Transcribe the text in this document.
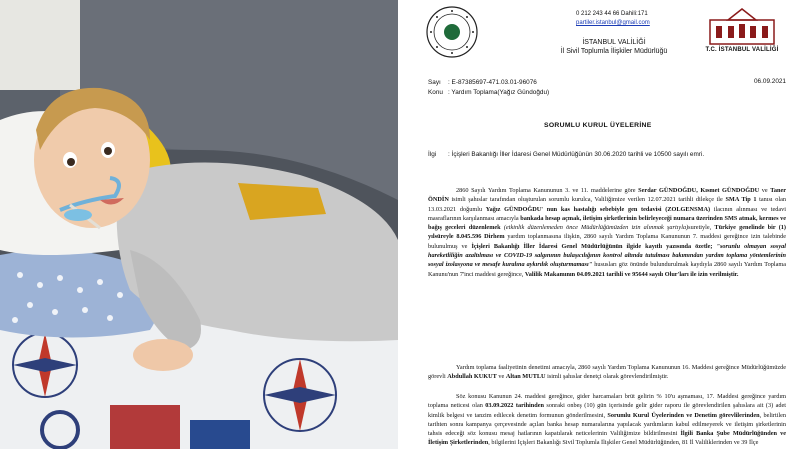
0 212 243 44 66 Dahili:171
partiler.istanbul@gmail.com
İSTANBUL VALİLİĞİ
İl Sivil Toplumla İlişkiler Müdürlüğü	T.C. İSTANBUL VALİLİĞİ
Sayı : E-87385697-471.03.01-96076
Konu : Yardım Toplama(Yağız Gündoğdu)
06.09.2021
SORUMLU KURUL ÜYELERİNE
İlgi : İçişleri Bakanlığı İller İdaresi Genel Müdürlüğünün 30.06.2020 tarihli ve 10500 sayılı emri.

2860 Sayılı Yardım Toplama Kanununun 3. ve 11. maddelerine göre Serdar GÜNDOĞDU, Kısmet GÜNDOĞDU ve Taner ÖNDİN isimli şahıslar tarafından oluşturulan sorumlu kurulca, Valiliğimize verilen 12.07.2021 tarihli dilekçe ile SMA Tip 1 tanısı olan 13.03.2021 doğumlu Yağız GÜNDOĞDU' nun kas hastalığı sebebiyle gen tedavisi (ZOLGENSMA) ilacının alınması ve tedavi masraflarının karşılanması amacıyla bankada hesap açmak, iletişim şirketlerinin belirleyeceği numara üzerinden SMS atmak, kermes ve bağış geceleri düzenlemek (etkinlik düzenlemeden önce Müdürlüğümüzden izin alınmak şartıyla)suretiyle, Türkiye genelinde bir (1) yılsüreyle 8.045.596 Dirhem yardım toplanmasına ilişkin, 2860 sayılı Yardım Toplama Kanununun 7. maddesi gereğince izin talebinde bulunulmuş ve İçişleri Bakanlığı İller İdaresi Genel Müdürlüğünün ilgide kayıtlı yazısında özetle; "sorunlu olmayan sosyal hareketliliğin azaltılması ve COVID-19 salgınının bulaşıcılığının kontrol altında tutulması bakımından yardım toplama yöntemlerinin sosyal izolasyona ve mesafe kuralına aykırılık oluşturmaması" hususları göz önünde bulundurulmak kaydıyla 2860 sayılı Yardım Toplama Kanunu'nun 7'inci maddesi gereğince, Valilik Makamının 04.09.2021 tarihli ve 95644 sayılı Olur'ları ile izin verilmiştir.

Yardım toplama faaliyetinin denetimi amacıyla, 2860 sayılı Yardım Toplama Kanununun 16. Maddesi gereğince Müdürlüğümüzde görevli Abdullah KUKUT ve Altan MUTLU isimli şahıslar denetçi olarak görevlendirilmiştir.

Söz konusu Kanunun 24. maddesi gereğince, gider harcamaları brüt gelirin % 10'u aşmaması, 17. Maddesi gereğince yardım toplama neticesi olan 03.09.2022 tarihinden sonraki onbeş (10) gün içerisinde gelir gider raporu ile görevlendirilen şahıslara ait (3) adet kimlik belgesi ve tanzim edilecek denetim formunun gönderilmesini, Sorumlu Kurul Üyelerinden ve Denetim görevlilerinden, belirtilen tarihten sonra kampanya çerçevesinde açılan banka hesap numaralarına yapılacak yardımların kabul edilmeyerek ve iletişim şirketlerinin tahsis edeceği söz konusu mesaj hatlarının kapatılarak neticelerinin Valiliğimize bildirilmesini İlgili Banka Şube Müdürlüğünden ve İletişim Şirketlerinden, bilgilerini İçişleri Bakanlığı Sivil Toplumla İlişkiler Genel Müdürlüğünden, 81 İl Valiliklerinden ve 39 İlçe
